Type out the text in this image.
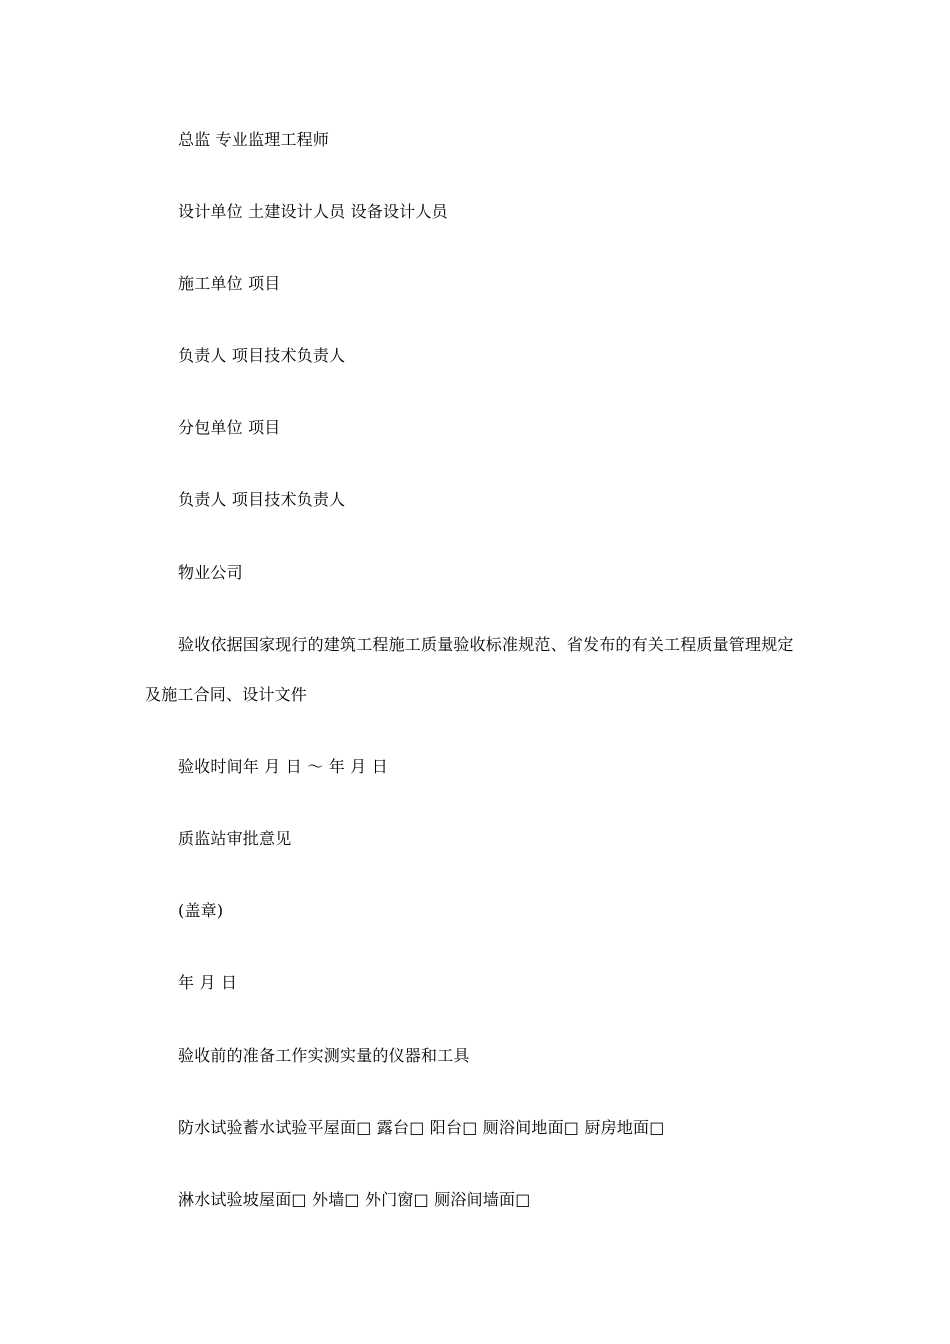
总监 专业监理工程师
设计单位 土建设计人员 设备设计人员
施工单位 项目
负责人 项目技术负责人
分包单位 项目
负责人 项目技术负责人
物业公司
验收依据国家现行的建筑工程施工质量验收标准规范、省发布的有关工程质量管理规定
及施工合同、设计文件
验收时间年 月 日 ～ 年 月 日
质监站审批意见
(盖章)
年 月 日
验收前的准备工作实测实量的仪器和工具
防水试验蓄水试验平屋面□ 露台□ 阳台□ 厕浴间地面□ 厨房地面□
淋水试验坡屋面□ 外墙□ 外门窗□ 厕浴间墙面□
